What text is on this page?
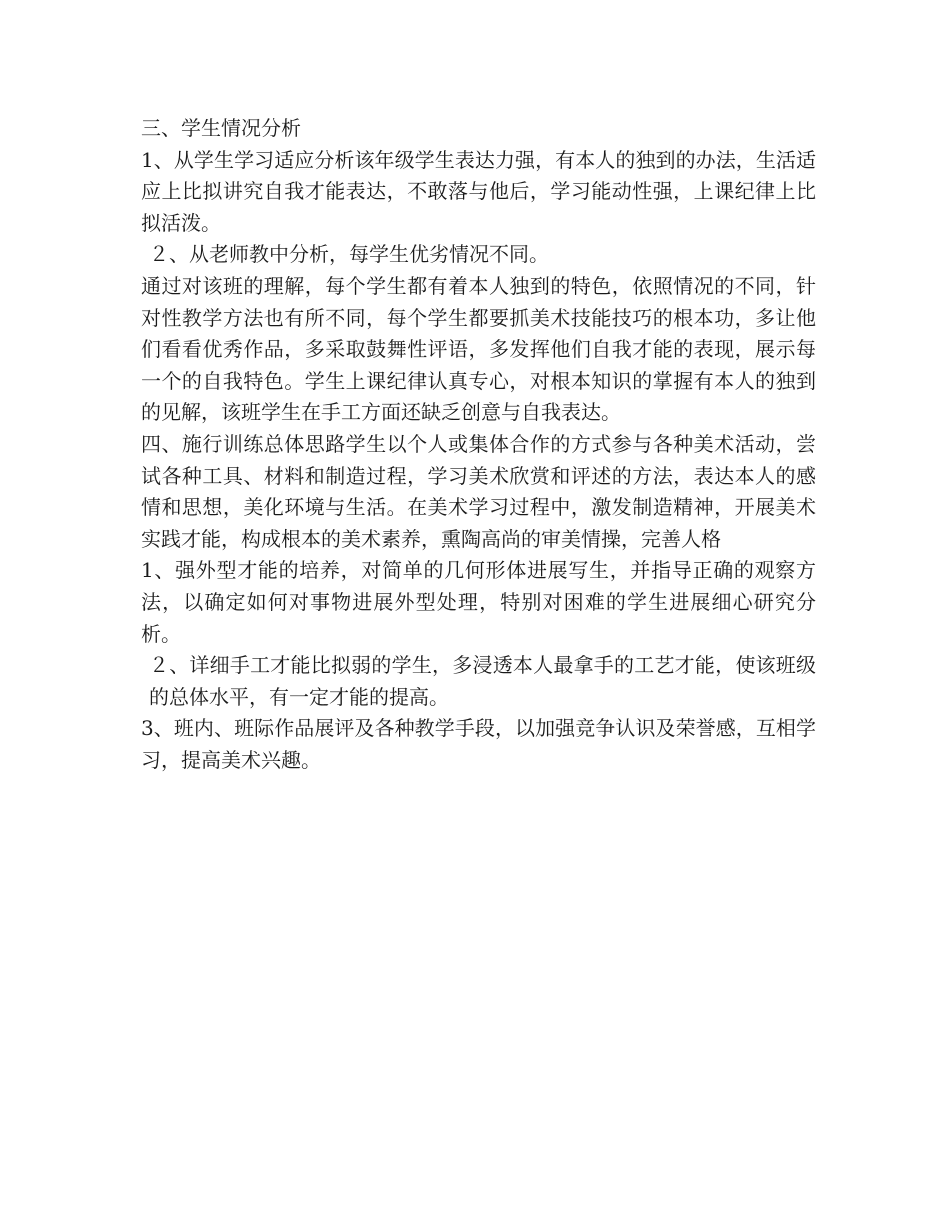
三、学生情况分析

1、从学生学习适应分析该年级学生表达力强，有本人的独到的办法，生活适应上比拟讲究自我才能表达，不敢落与他后，学习能动性强，上课纪律上比拟活泼。

２、从老师教中分析，每学生优劣情况不同。

通过对该班的理解，每个学生都有着本人独到的特色，依照情况的不同，针对性教学方法也有所不同，每个学生都要抓美术技能技巧的根本功，多让他们看看优秀作品，多采取鼓舞性评语，多发挥他们自我才能的表现，展示每一个的自我特色。学生上课纪律认真专心，对根本知识的掌握有本人的独到的见解，该班学生在手工方面还缺乏创意与自我表达。

四、施行训练总体思路学生以个人或集体合作的方式参与各种美术活动，尝试各种工具、材料和制造过程，学习美术欣赏和评述的方法，表达本人的感情和思想，美化环境与生活。在美术学习过程中，激发制造精神，开展美术实践才能，构成根本的美术素养，熏陶高尚的审美情操，完善人格

1、强外型才能的培养，对简单的几何形体进展写生，并指导正确的观察方法，以确定如何对事物进展外型处理，特别对困难的学生进展细心研究分析。

２、详细手工才能比拟弱的学生，多浸透本人最拿手的工艺才能，使该班级的总体水平，有一定才能的提高。

3、班内、班际作品展评及各种教学手段，以加强竞争认识及荣誉感，互相学习，提高美术兴趣。
